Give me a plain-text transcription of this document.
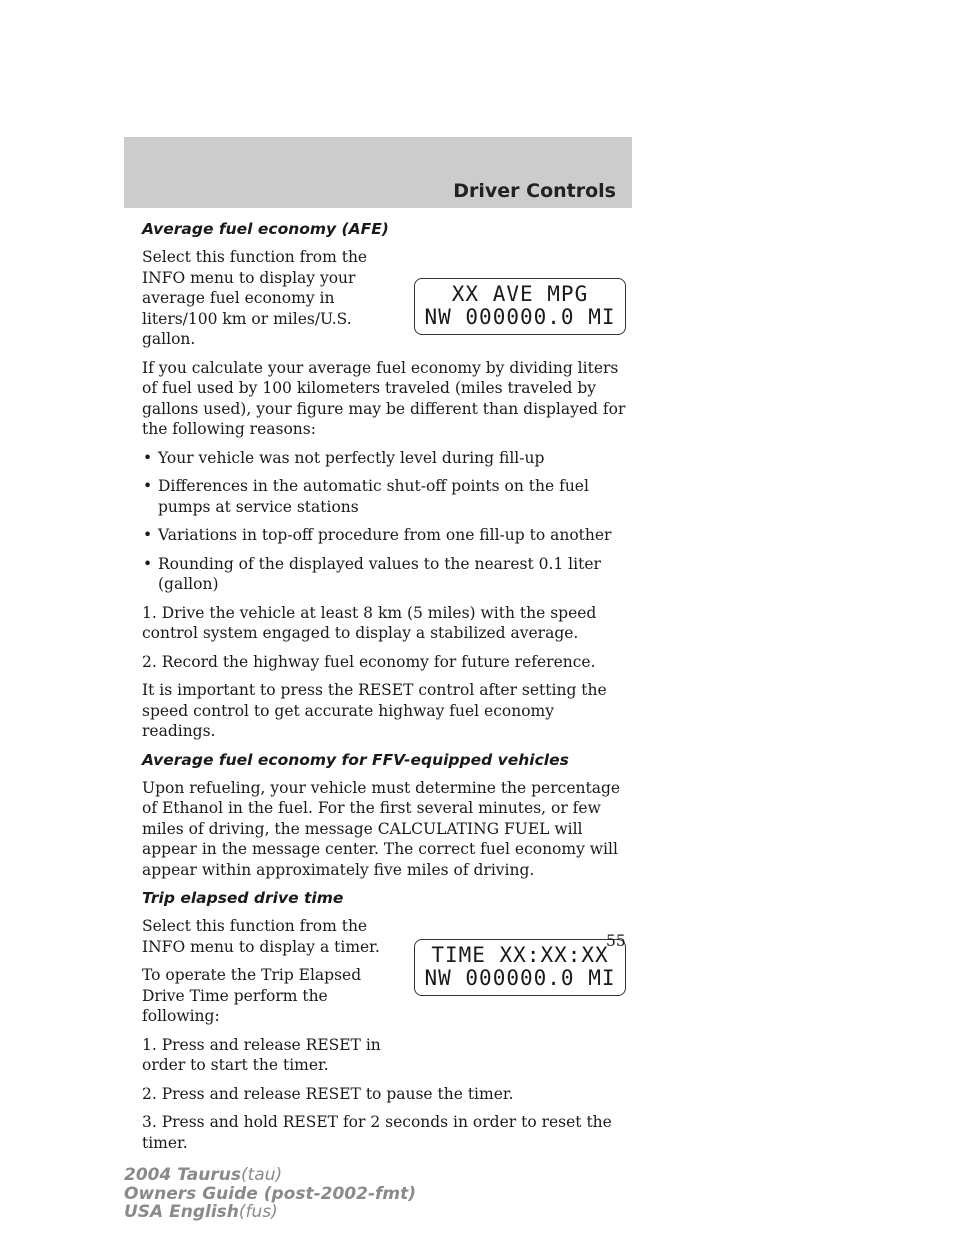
Driver Controls
Average fuel economy (AFE)
XX AVE MPG
NW 000000.0 MI

Select this function from the INFO menu to display your average fuel economy in liters/100 km or miles/U.S. gallon.

If you calculate your average fuel economy by dividing liters of fuel used by 100 kilometers traveled (miles traveled by gallons used), your figure may be different than displayed for the following reasons:

• Your vehicle was not perfectly level during fill-up
• Differences in the automatic shut-off points on the fuel pumps at service stations
• Variations in top-off procedure from one fill-up to another
• Rounding of the displayed values to the nearest 0.1 liter (gallon)

1. Drive the vehicle at least 8 km (5 miles) with the speed control system engaged to display a stabilized average.

2. Record the highway fuel economy for future reference.

It is important to press the RESET control after setting the speed control to get accurate highway fuel economy readings.

Average fuel economy for FFV-equipped vehicles

Upon refueling, your vehicle must determine the percentage of Ethanol in the fuel. For the first several minutes, or few miles of driving, the message CALCULATING FUEL will appear in the message center. The correct fuel economy will appear within approximately five miles of driving.

Trip elapsed drive time
TIME XX:XX:XX
NW 000000.0 MI

Select this function from the INFO menu to display a timer.

To operate the Trip Elapsed Drive Time perform the following:

1. Press and release RESET in order to start the timer.

2. Press and release RESET to pause the timer.

3. Press and hold RESET for 2 seconds in order to reset the timer.

55
2004 Taurus(tau)
Owners Guide (post-2002-fmt)
USA English(fus)
